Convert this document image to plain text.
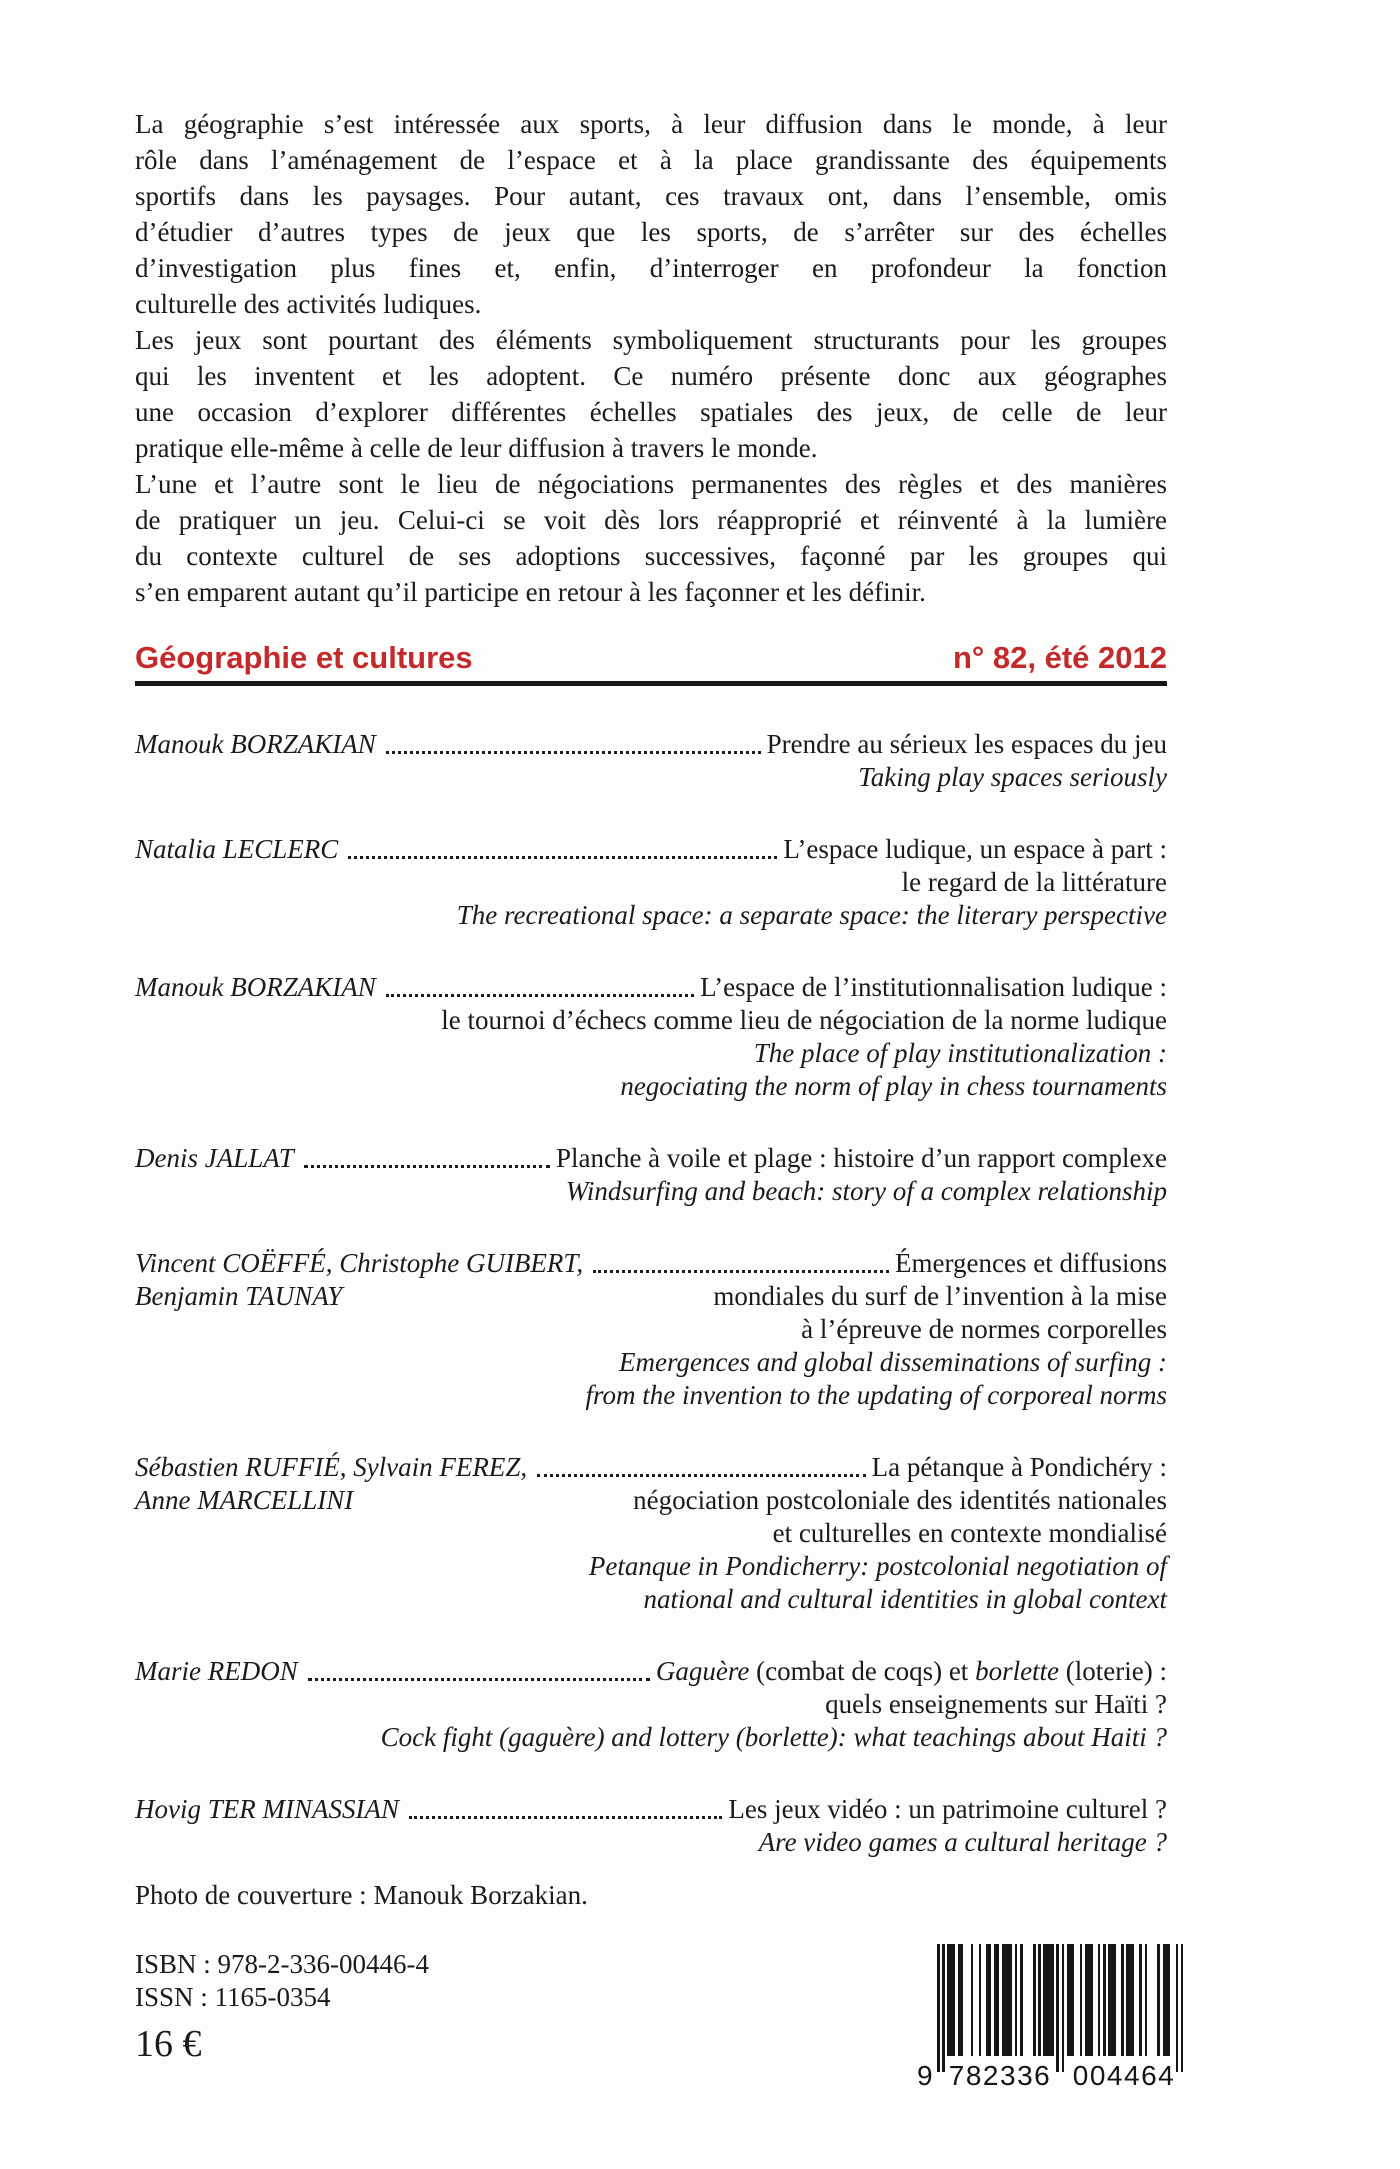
La géographie s’est intéressée aux sports, à leur diffusion dans le monde, à leur
rôle dans l’aménagement de l’espace et à la place grandissante des équipements
sportifs dans les paysages. Pour autant, ces travaux ont, dans l’ensemble, omis
d’étudier d’autres types de jeux que les sports, de s’arrêter sur des échelles
d’investigation plus fines et, enfin, d’interroger en profondeur la fonction
culturelle des activités ludiques.
Les jeux sont pourtant des éléments symboliquement structurants pour les groupes
qui les inventent et les adoptent. Ce numéro présente donc aux géographes
une occasion d’explorer différentes échelles spatiales des jeux, de celle de leur
pratique elle-même à celle de leur diffusion à travers le monde.
L’une et l’autre sont le lieu de négociations permanentes des règles et des manières
de pratiquer un jeu. Celui-ci se voit dès lors réapproprié et réinventé à la lumière
du contexte culturel de ses adoptions successives, façonné par les groupes qui
s’en emparent autant qu’il participe en retour à les façonner et les définir.
Géographie et cultures	n° 82, été 2012
Manouk BORZAKIAN	Prendre au sérieux les espaces du jeu
Taking play spaces seriously
Natalia LECLERC	L’espace ludique, un espace à part :
le regard de la littérature
The recreational space: a separate space: the literary perspective
Manouk BORZAKIAN	L’espace de l’institutionnalisation ludique :
le tournoi d’échecs comme lieu de négociation de la norme ludique
The place of play institutionalization :
negociating the norm of play in chess tournaments
Denis JALLAT	Planche à voile et plage : histoire d’un rapport complexe
Windsurfing and beach: story of a complex relationship
Vincent COËFFÉ, Christophe GUIBERT,	Émergences et diffusions
Benjamin TAUNAY	mondiales du surf de l’invention à la mise
à l’épreuve de normes corporelles
Emergences and global disseminations of surfing :
from the invention to the updating of corporeal norms
Sébastien RUFFIÉ, Sylvain FEREZ,	La pétanque à Pondichéry :
Anne MARCELLINI	négociation postcoloniale des identités nationales
et culturelles en contexte mondialisé
Petanque in Pondicherry: postcolonial negotiation of
national and cultural identities in global context
Marie REDON	Gaguère (combat de coqs) et borlette (loterie) :
quels enseignements sur Haïti ?
Cock fight (gaguère) and lottery (borlette): what teachings about Haiti ?
Hovig TER MINASSIAN	Les jeux vidéo : un patrimoine culturel ?
Are video games a cultural heritage ?
Photo de couverture : Manouk Borzakian.
ISBN : 978-2-336-00446-4
ISSN : 1165-0354
16 €
9 782336 004464
